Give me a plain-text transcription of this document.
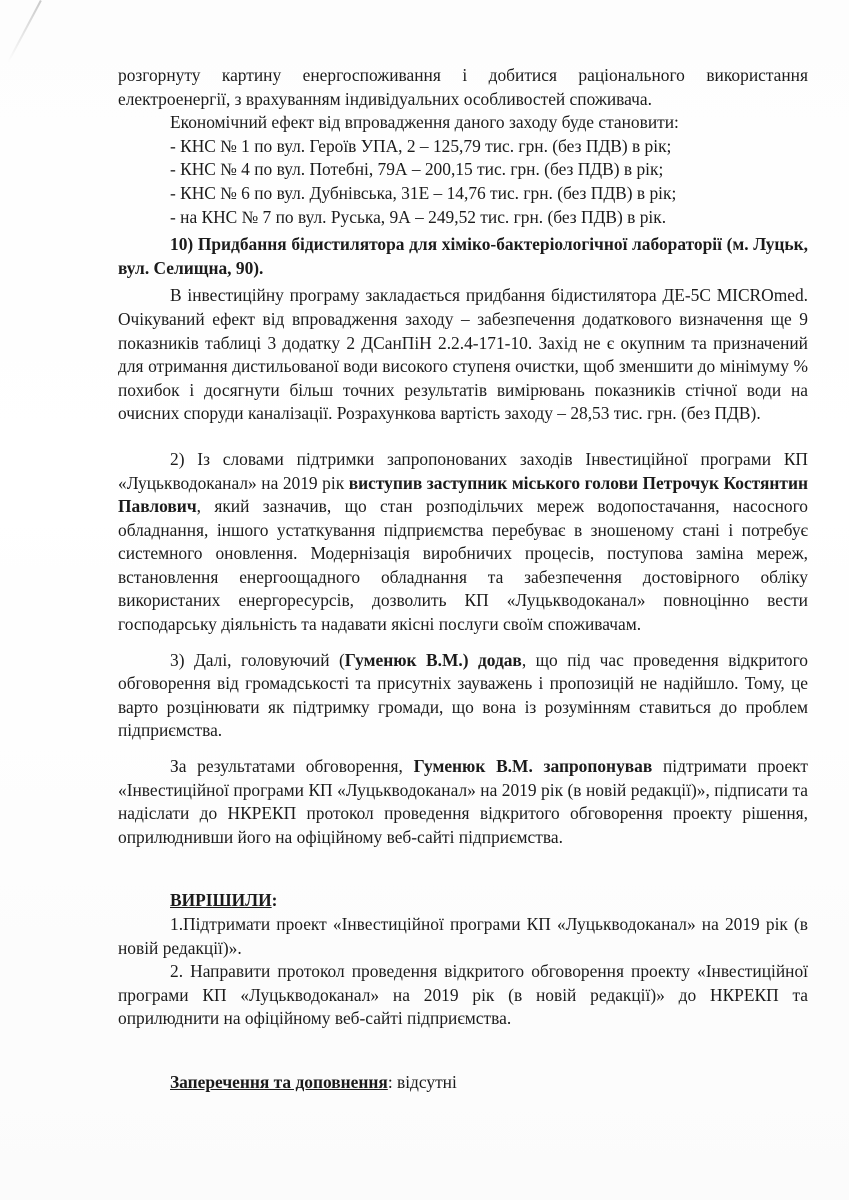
розгорнуту картину енергоспоживання і добитися раціонального використання електроенергії, з врахуванням індивідуальних особливостей споживача.

Економічний ефект від впровадження даного заходу буде становити:

- КНС № 1 по вул. Героїв УПА, 2 – 125,79 тис. грн. (без ПДВ) в рік;

- КНС № 4 по вул. Потебні, 79А – 200,15 тис. грн. (без ПДВ) в рік;

- КНС № 6 по вул. Дубнівська, 31Е – 14,76 тис. грн. (без ПДВ) в рік;

- на КНС № 7 по вул. Руська, 9А – 249,52 тис. грн. (без ПДВ) в рік.

10) Придбання бідистилятора для хіміко-бактеріологічної лабораторії (м. Луцьк, вул. Селищна, 90).

В інвестиційну програму закладається придбання бідистилятора ДЕ-5С MICROmed. Очікуваний ефект від впровадження заходу – забезпечення додаткового визначення ще 9 показників таблиці 3 додатку 2 ДСанПіН 2.2.4-171-10. Захід не є окупним та призначений для отримання дистильованої води високого ступеня очистки, щоб зменшити до мінімуму % похибок і досягнути більш точних результатів вимірювань показників стічної води на очисних споруди каналізації. Розрахункова вартість заходу – 28,53 тис. грн. (без ПДВ).

2) Із словами підтримки запропонованих заходів Інвестиційної програми КП «Луцькводоканал» на 2019 рік виступив заступник міського голови Петрочук Костянтин Павлович, який зазначив, що стан розподільчих мереж водопостачання, насосного обладнання, іншого устаткування підприємства перебуває в зношеному стані і потребує системного оновлення. Модернізація виробничих процесів, поступова заміна мереж, встановлення енергоощадного обладнання та забезпечення достовірного обліку використаних енергоресурсів, дозволить КП «Луцькводоканал» повноцінно вести господарську діяльність та надавати якісні послуги своїм споживачам.

3) Далі, головуючий (Гуменюк В.М.) додав, що під час проведення відкритого обговорення від громадськості та присутніх зауважень і пропозицій не надійшло. Тому, це варто розцінювати як підтримку громади, що вона із розумінням ставиться до проблем підприємства.

За результатами обговорення, Гуменюк В.М. запропонував підтримати проект «Інвестиційної програми КП «Луцькводоканал» на 2019 рік (в новій редакції)», підписати та надіслати до НКРЕКП протокол проведення відкритого обговорення проекту рішення, оприлюднивши його на офіційному веб-сайті підприємства.

ВИРІШИЛИ:

1.Підтримати проект «Інвестиційної програми КП «Луцькводоканал» на 2019 рік (в новій редакції)».

2. Направити протокол проведення відкритого обговорення проекту «Інвестиційної програми КП «Луцькводоканал» на 2019 рік (в новій редакції)» до НКРЕКП та оприлюднити на офіційному веб-сайті підприємства.

Заперечення та доповнення: відсутні
